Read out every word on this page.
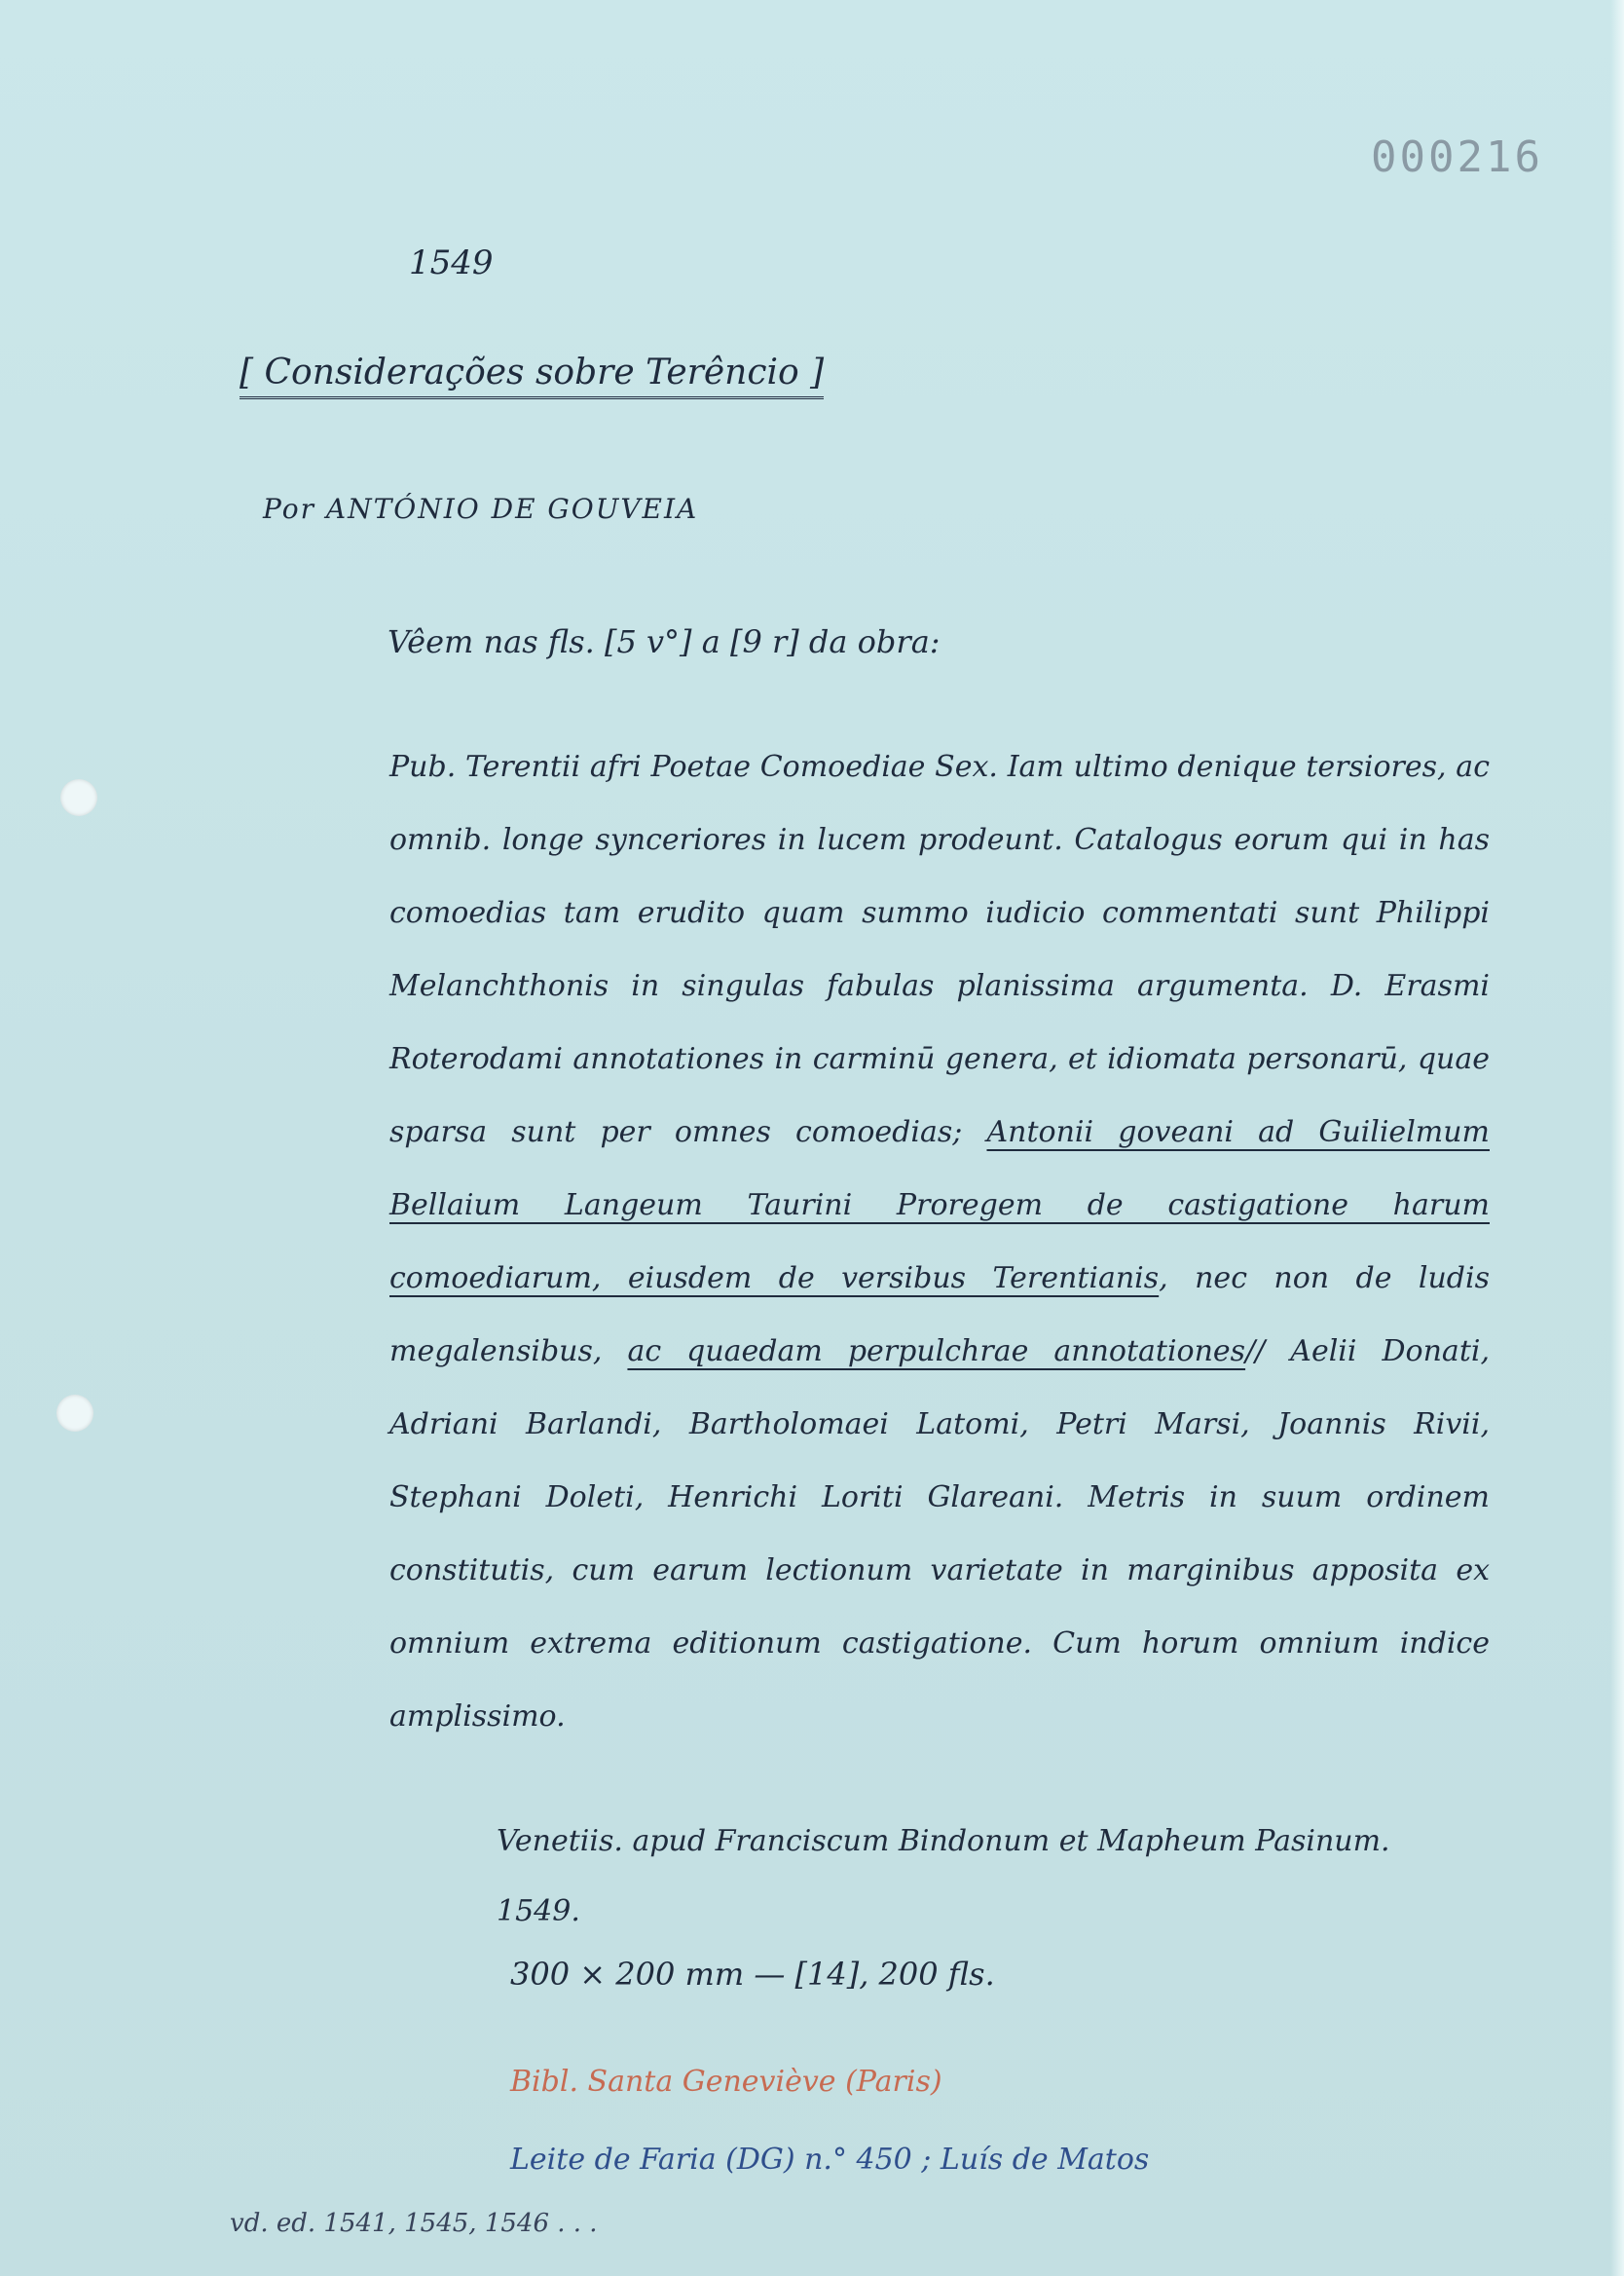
000216
1549
[ Considerações sobre Terêncio ]
Por ANTÓNIO DE GOUVEIA
Vêem nas fls. [5 v°] a [9 r] da obra:
Pub. Terentii afri Poetae Comoediae Sex. Iam ultimo denique tersiores, ac omnib. longe synceriores in lucem prodeunt. Catalogus eorum qui in has comoedias tam erudito quam summo iudicio commentati sunt Philippi Melanchthonis in singulas fabulas planissima argumenta. D. Erasmi Roterodami annotationes in carminū genera, et idiomata personarū, quae sparsa sunt per omnes comoedias; Antonii goveani ad Guilielmum Bellaium Langeum Taurini Proregem de castigatione harum comoediarum, eiusdem de versibus Terentianis, nec non de ludis megalensibus, ac quaedam perpulchrae annotationes// Aelii Donati, Adriani Barlandi, Bartholomaei Latomi, Petri Marsi, Joannis Rivii, Stephani Doleti, Henrichi Loriti Glareani. Metris in suum ordinem constitutis, cum earum lectionum varietate in marginibus apposita ex omnium extrema editionum castigatione. Cum horum omnium indice amplissimo.
Venetiis. apud Franciscum Bindonum et Mapheum Pasinum.
1549.
300 × 200 mm — [14], 200 fls.
Bibl. Santa Geneviève (Paris)
Leite de Faria (DG) n.° 450 ; Luís de Matos
vd. ed. 1541, 1545, 1546 . . .
